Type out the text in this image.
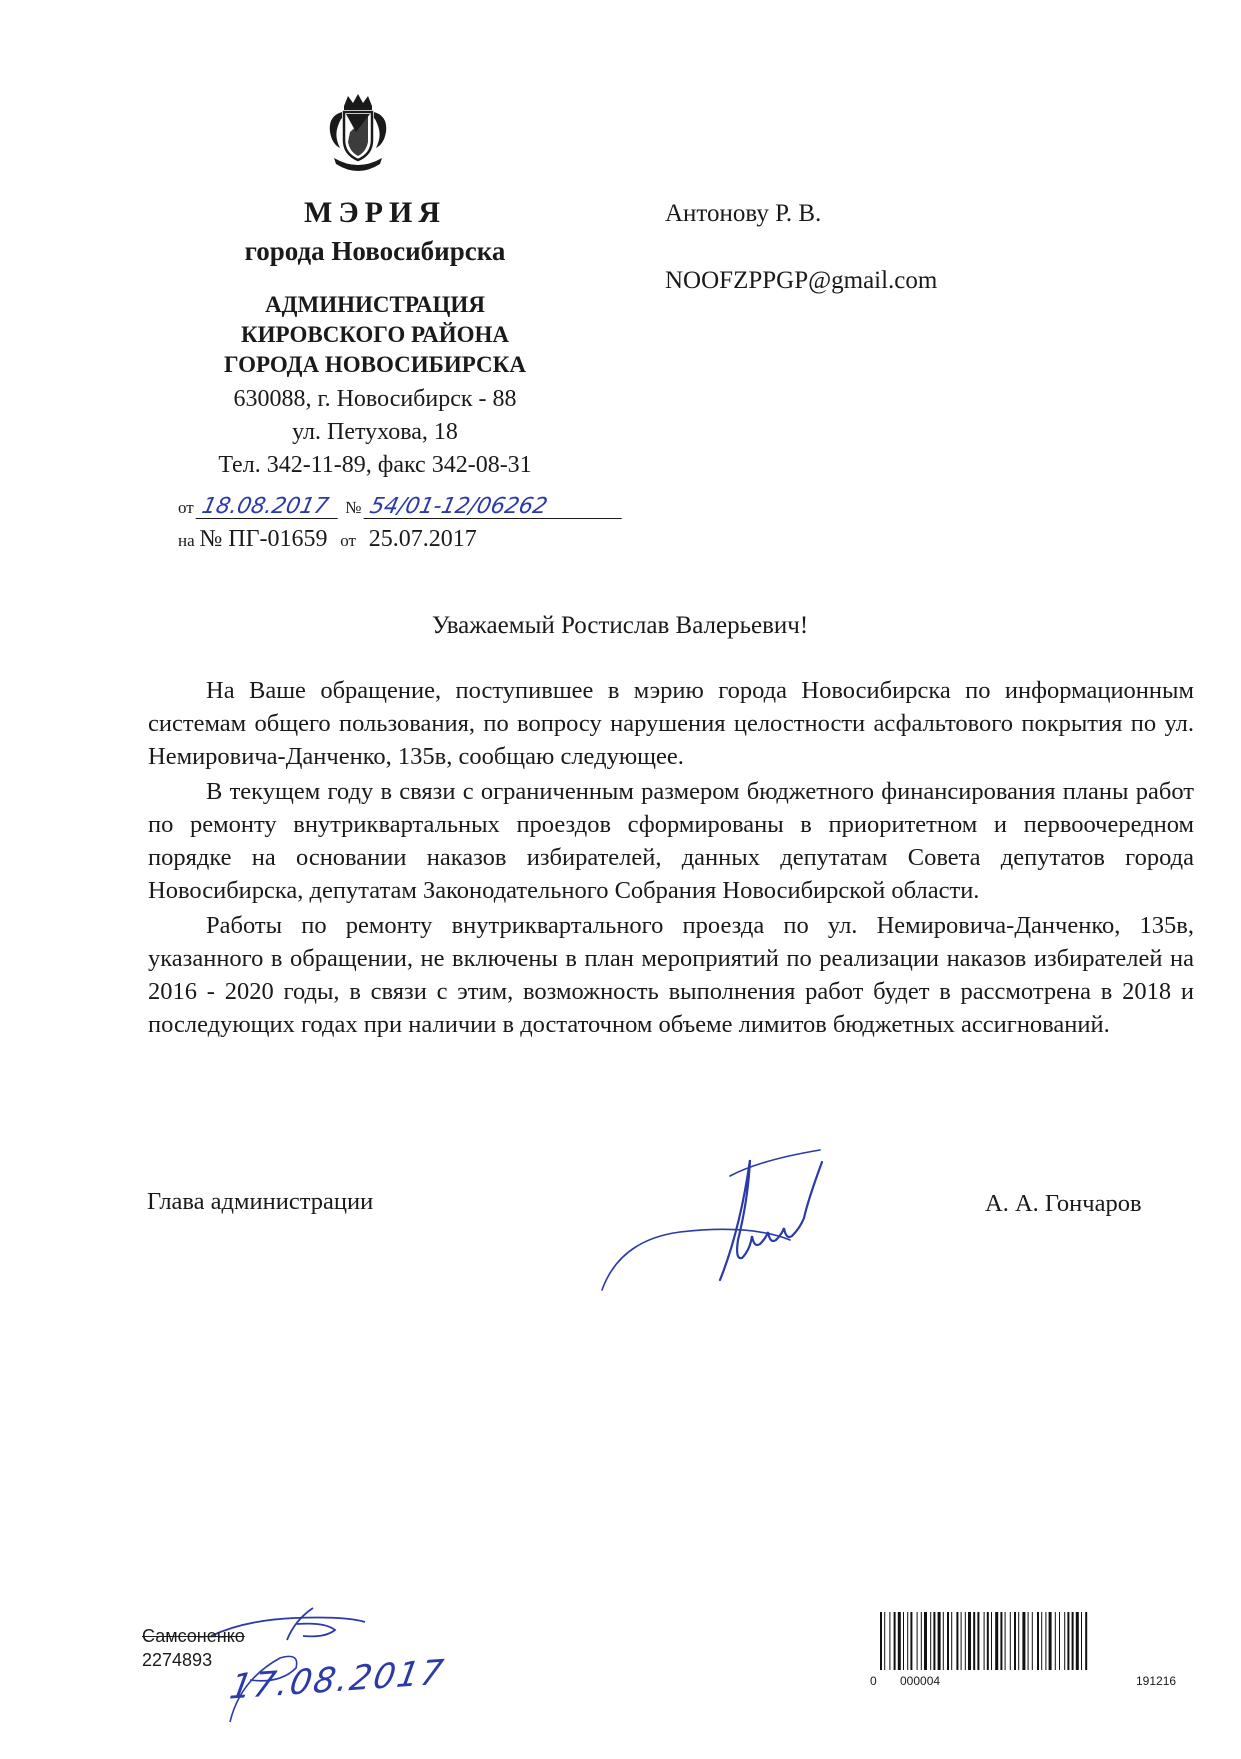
МЭРИЯ
города Новосибирска
АДМИНИСТРАЦИЯ
КИРОВСКОГО РАЙОНА
ГОРОДА НОВОСИБИРСКА
630088, г. Новосибирск - 88
ул. Петухова, 18
Тел. 342-11-89, факс 342-08-31
от 18.08.2017 № 54/01-12/06262
на № ПГ-01659 от 25.07.2017
Антонову Р. В.
NOOFZPPGP@gmail.com
Уважаемый Ростислав Валерьевич!

На Ваше обращение, поступившее в мэрию города Новосибирска по информационным системам общего пользования, по вопросу нарушения целостности асфальтового покрытия по ул. Немировича-Данченко, 135в, сообщаю следующее.

В текущем году в связи с ограниченным размером бюджетного финансирования планы работ по ремонту внутриквартальных проездов сформированы в приоритетном и первоочередном порядке на основании наказов избирателей, данных депутатам Совета депутатов города Новосибирска, депутатам Законодательного Собрания Новосибирской области.

Работы по ремонту внутриквартального проезда по ул. Немировича-Данченко, 135в, указанного в обращении, не включены в план мероприятий по реализации наказов избирателей на 2016 - 2020 годы, в связи с этим, возможность выполнения работ будет в рассмотрена в 2018 и последующих годах при наличии в достаточном объеме лимитов бюджетных ассигнований.

Глава администрации	А. А. Гончаров
Самсоненко
2274893 17.08.2017	0 000004	191216
